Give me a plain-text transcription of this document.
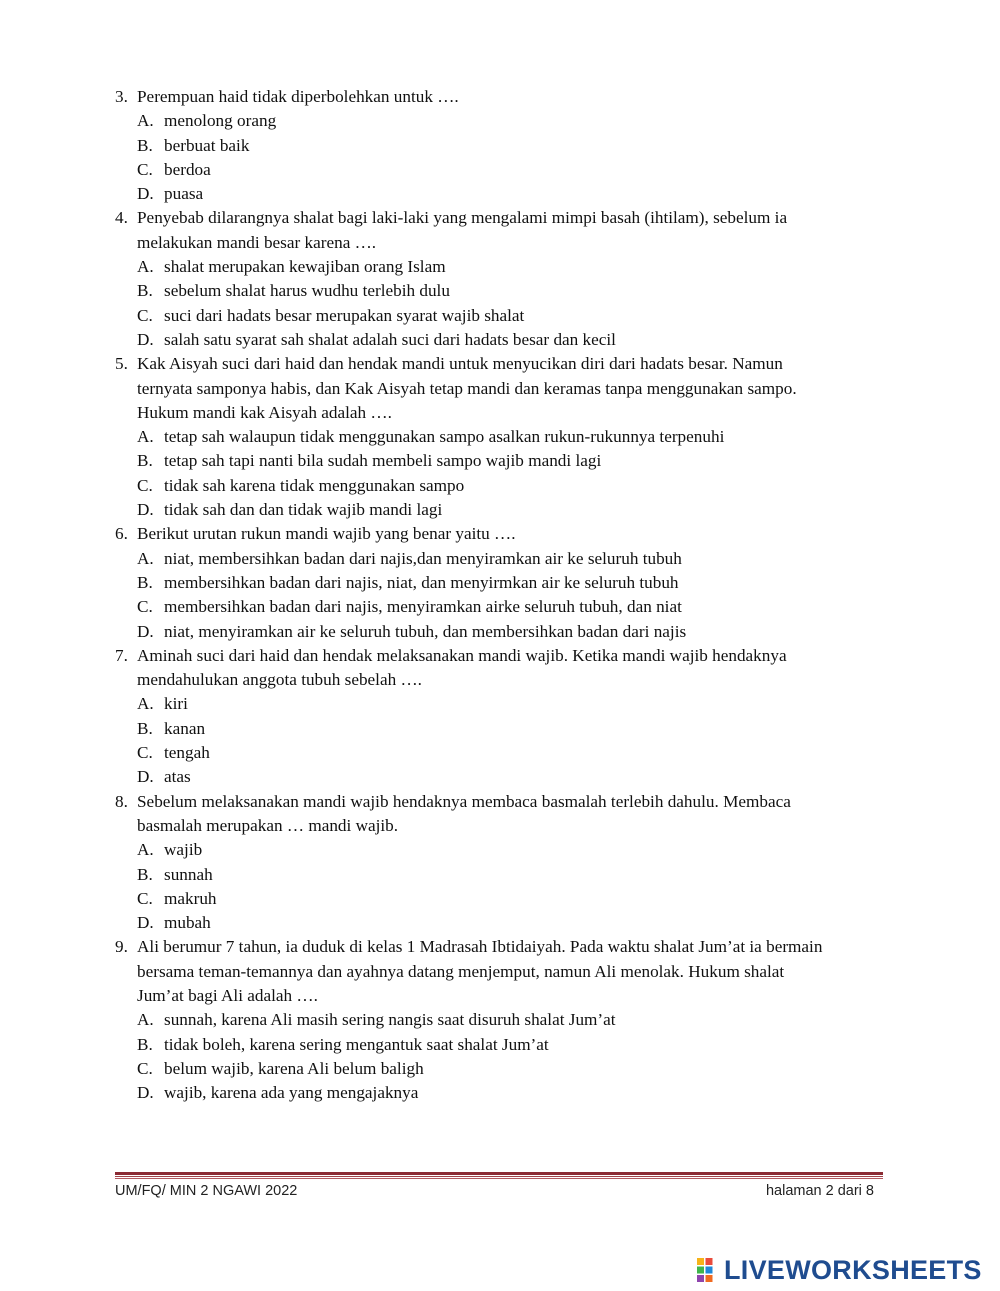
3. Perempuan haid tidak diperbolehkan untuk ….
A. menolong orang
B. berbuat baik
C. berdoa
D. puasa
4. Penyebab dilarangnya shalat bagi laki-laki yang mengalami mimpi basah (ihtilam), sebelum ia
melakukan mandi besar karena ….
A. shalat merupakan kewajiban orang Islam
B. sebelum shalat harus wudhu terlebih dulu
C. suci dari hadats besar merupakan syarat wajib shalat
D. salah satu syarat sah shalat adalah suci dari hadats besar dan kecil
5. Kak Aisyah suci dari haid dan hendak mandi untuk menyucikan diri dari hadats besar. Namun
ternyata samponya habis, dan Kak Aisyah tetap mandi dan keramas tanpa menggunakan sampo.
Hukum mandi kak Aisyah adalah ….
A. tetap sah walaupun tidak menggunakan sampo asalkan rukun-rukunnya terpenuhi
B. tetap sah tapi nanti bila sudah membeli sampo wajib mandi lagi
C. tidak sah karena tidak menggunakan sampo
D. tidak sah dan dan tidak wajib mandi lagi
6. Berikut urutan rukun mandi wajib yang benar yaitu ….
A. niat, membersihkan badan dari najis,dan menyiramkan air ke seluruh tubuh
B. membersihkan badan dari najis, niat, dan menyirmkan air ke seluruh tubuh
C. membersihkan badan dari najis, menyiramkan airke seluruh tubuh, dan niat
D. niat, menyiramkan air ke seluruh tubuh, dan membersihkan badan dari najis
7. Aminah suci dari haid dan hendak melaksanakan mandi wajib. Ketika mandi wajib hendaknya
mendahulukan anggota tubuh sebelah ….
A. kiri
B. kanan
C. tengah
D. atas
8. Sebelum melaksanakan mandi wajib hendaknya membaca basmalah terlebih dahulu. Membaca
basmalah merupakan … mandi wajib.
A. wajib
B. sunnah
C. makruh
D. mubah
9. Ali berumur 7 tahun, ia duduk di kelas 1 Madrasah Ibtidaiyah. Pada waktu shalat Jum’at ia bermain
bersama teman-temannya dan ayahnya datang menjemput, namun Ali menolak. Hukum shalat
Jum’at bagi Ali adalah ….
A. sunnah, karena Ali masih sering nangis saat disuruh shalat Jum’at
B. tidak boleh, karena sering mengantuk saat shalat Jum’at
C. belum wajib, karena Ali belum baligh
D. wajib, karena ada yang mengajaknya
UM/FQ/ MIN 2 NGAWI 2022	halaman 2 dari 8
LIVEWORKSHEETS
